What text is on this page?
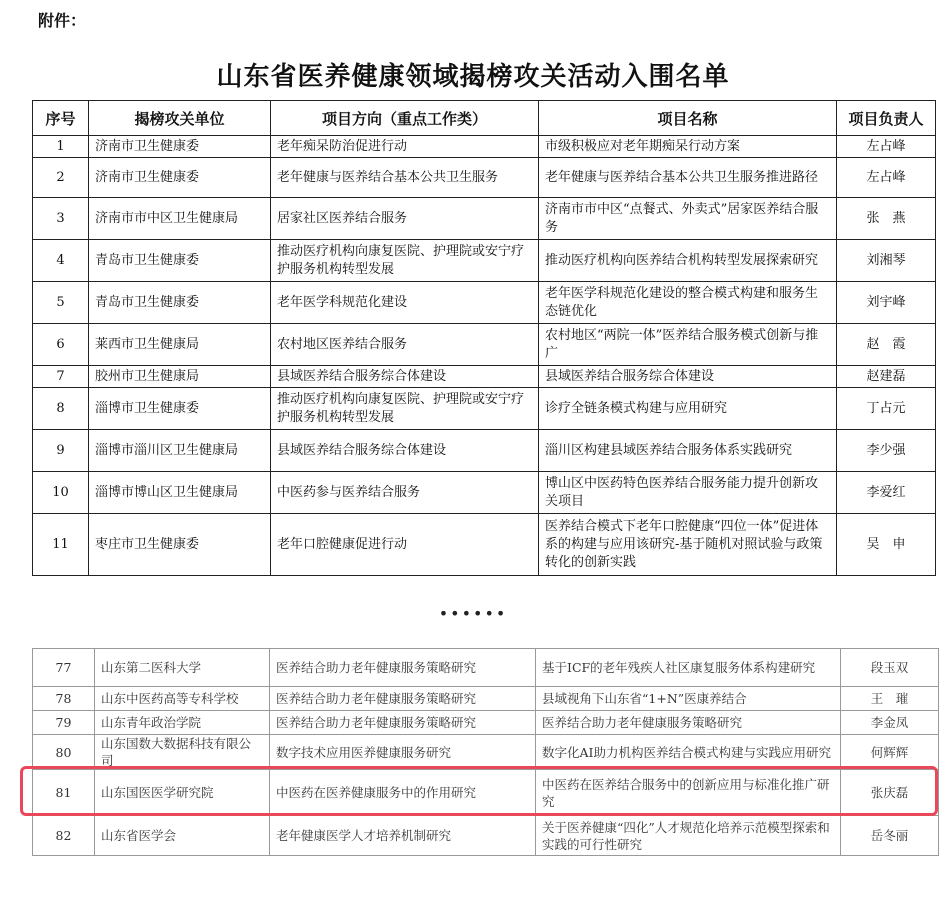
附件：
山东省医养健康领域揭榜攻关活动入围名单
序号	揭榜攻关单位	项目方向（重点工作类）	项目名称	项目负责人
1	济南市卫生健康委	老年痴呆防治促进行动	市级积极应对老年期痴呆行动方案	左占峰
2	济南市卫生健康委	老年健康与医养结合基本公共卫生服务	老年健康与医养结合基本公共卫生服务推进路径	左占峰
3	济南市市中区卫生健康局	居家社区医养结合服务	济南市市中区“点餐式、外卖式”居家医养结合服务	张　燕
4	青岛市卫生健康委	推动医疗机构向康复医院、护理院或安宁疗护服务机构转型发展	推动医疗机构向医养结合机构转型发展探索研究	刘湘琴
5	青岛市卫生健康委	老年医学科规范化建设	老年医学科规范化建设的整合模式构建和服务生态链优化	刘宇峰
6	莱西市卫生健康局	农村地区医养结合服务	农村地区“两院一体”医养结合服务模式创新与推广	赵　霞
7	胶州市卫生健康局	县域医养结合服务综合体建设	县域医养结合服务综合体建设	赵建磊
8	淄博市卫生健康委	推动医疗机构向康复医院、护理院或安宁疗护服务机构转型发展	诊疗全链条模式构建与应用研究	丁占元
9	淄博市淄川区卫生健康局	县域医养结合服务综合体建设	淄川区构建县域医养结合服务体系实践研究	李少强
10	淄博市博山区卫生健康局	中医药参与医养结合服务	博山区中医药特色医养结合服务能力提升创新攻关项目	李爱红
11	枣庄市卫生健康委	老年口腔健康促进行动	医养结合模式下老年口腔健康“四位一体”促进体系的构建与应用该研究-基于随机对照试验与政策转化的创新实践	吴　申
••••••
77	山东第二医科大学	医养结合助力老年健康服务策略研究	基于ICF的老年残疾人社区康复服务体系构建研究	段玉双
78	山东中医药高等专科学校	医养结合助力老年健康服务策略研究	县域视角下山东省“1+N”医康养结合	王　璀
79	山东青年政治学院	医养结合助力老年健康服务策略研究	医养结合助力老年健康服务策略研究	李金凤
80	山东国数大数据科技有限公司	数字技术应用医养健康服务研究	数字化AI助力机构医养结合模式构建与实践应用研究	何辉辉
81	山东国医医学研究院	中医药在医养健康服务中的作用研究	中医药在医养结合服务中的创新应用与标准化推广研究	张庆磊
82	山东省医学会	老年健康医学人才培养机制研究	关于医养健康“四化”人才规范化培养示范模型探索和实践的可行性研究	岳冬丽
